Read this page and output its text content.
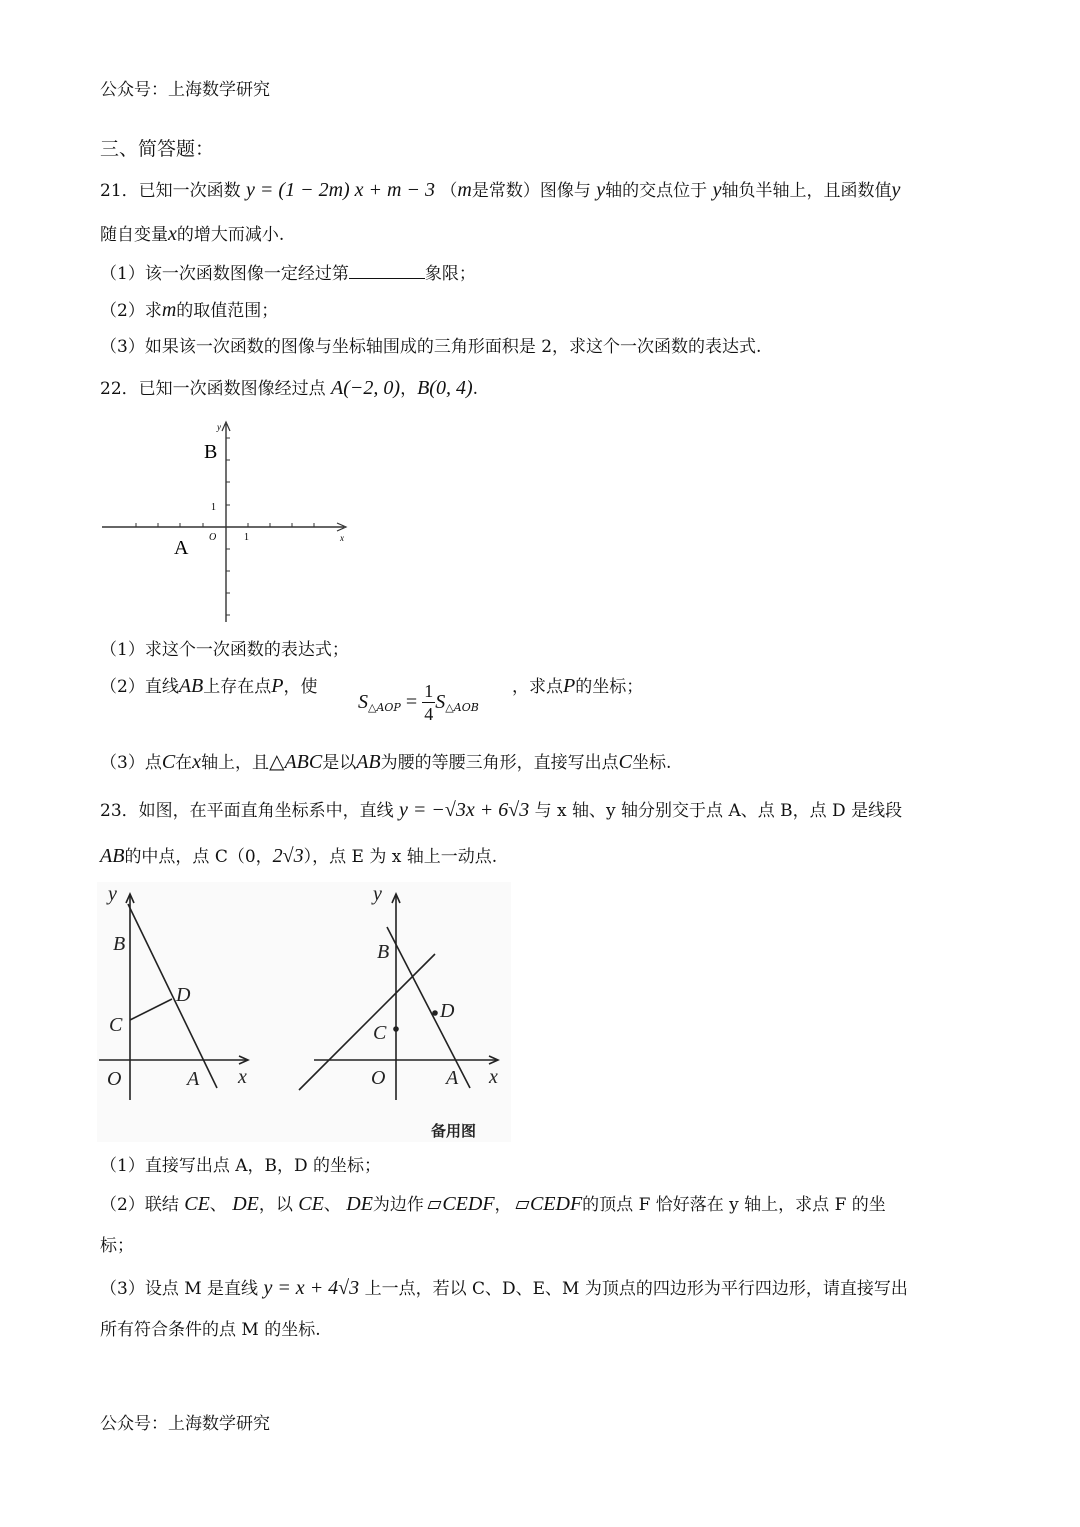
公众号：上海数学研究
三、简答题：
21．已知一次函数 y = (1 − 2m) x + m − 3 （m是常数）图像与 y轴的交点位于 y轴负半轴上，且函数值y
随自变量x的增大而减小.
（1）该一次函数图像一定经过第	象限；
（2）求m的取值范围；
（3）如果该一次函数的图像与坐标轴围成的三角形面积是 2，求这个一次函数的表达式.
22．已知一次函数图像经过点 A(−2, 0)，B(0, 4).
B
A
y
x
O	1
1
（1）求这个一次函数的表达式；
（2）直线AB上存在点P，使
$S_{\triangle AOP} = \frac{1}{4} S_{\triangle AOB}$
，求点P的坐标；
（3）点C在x轴上，且△ABC是以AB为腰的等腰三角形，直接写出点C坐标.
23．如图，在平面直角坐标系中，直线 y = −√3x + 6√3 与 x 轴、y 轴分别交于点 A、点 B，点 D 是线段
AB的中点，点 C（0，2√3），点 E 为 x 轴上一动点.
y
B
D
C
O	A x
y
B
D
C
O	A x
备用图
（1）直接写出点 A，B，D 的坐标；
（2）联结 CE、 DE，以 CE、 DE为边作 CEDF， CEDF的顶点 F 恰好落在 y 轴上，求点 F 的坐
标；
（3）设点 M 是直线 y = x + 4√3 上一点，若以 C、D、E、M 为顶点的四边形为平行四边形，请直接写出
所有符合条件的点 M 的坐标.
公众号：上海数学研究
